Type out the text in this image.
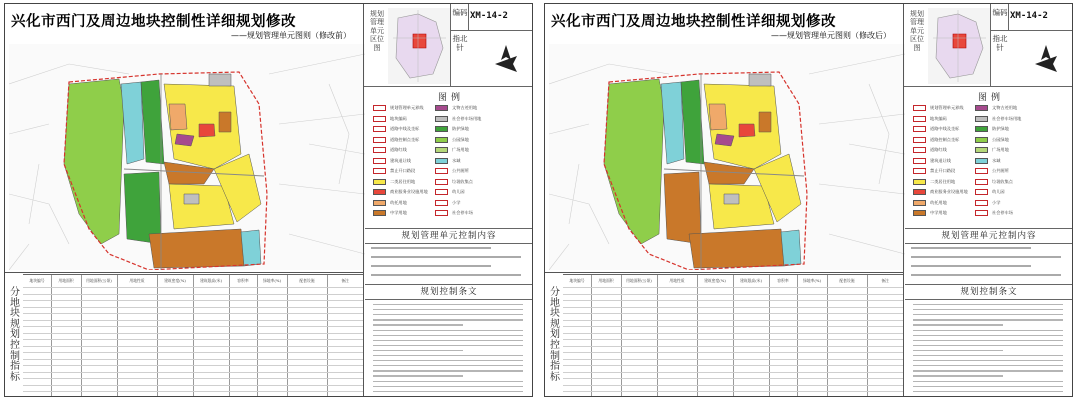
兴化市西门及周边地块控制性详细规划修改
——规划管理单元图则（修改前）
规划管理单元区位图
编码 XM-14-2
指北针
图例
规划管理单元界线
地块编码
道路中线及坐标
道路控制点坐标
道路红线
建筑退让线
禁止开口路段
二类居住用地
商业服务业设施用地
幼托用地
中学用地
文物古迹用地
社会停车场用地
防护绿地
公园绿地
广场用地
水域
公共厕所
垃圾收集点
幼儿园
小学
社会停车场
规划管理单元控制内容
规划控制条文
分地块规划控制指标
地块编号	用地面积	用地面积(公顷)	用地性质	建筑密度(%)	建筑限高(米)	容积率	绿地率(%)	配套设施	备注
兴化市西门及周边地块控制性详细规划修改
——规划管理单元图则（修改后）
规划管理单元区位图
编码 XM-14-2
指北针
图例
规划管理单元界线
地块编码
道路中线及坐标
道路控制点坐标
道路红线
建筑退让线
禁止开口路段
二类居住用地
商业服务业设施用地
幼托用地
中学用地
文物古迹用地
社会停车场用地
防护绿地
公园绿地
广场用地
水域
公共厕所
垃圾收集点
幼儿园
小学
社会停车场
规划管理单元控制内容
规划控制条文
分地块规划控制指标
地块编号	用地面积	用地面积(公顷)	用地性质	建筑密度(%)	建筑限高(米)	容积率	绿地率(%)	配套设施	备注
